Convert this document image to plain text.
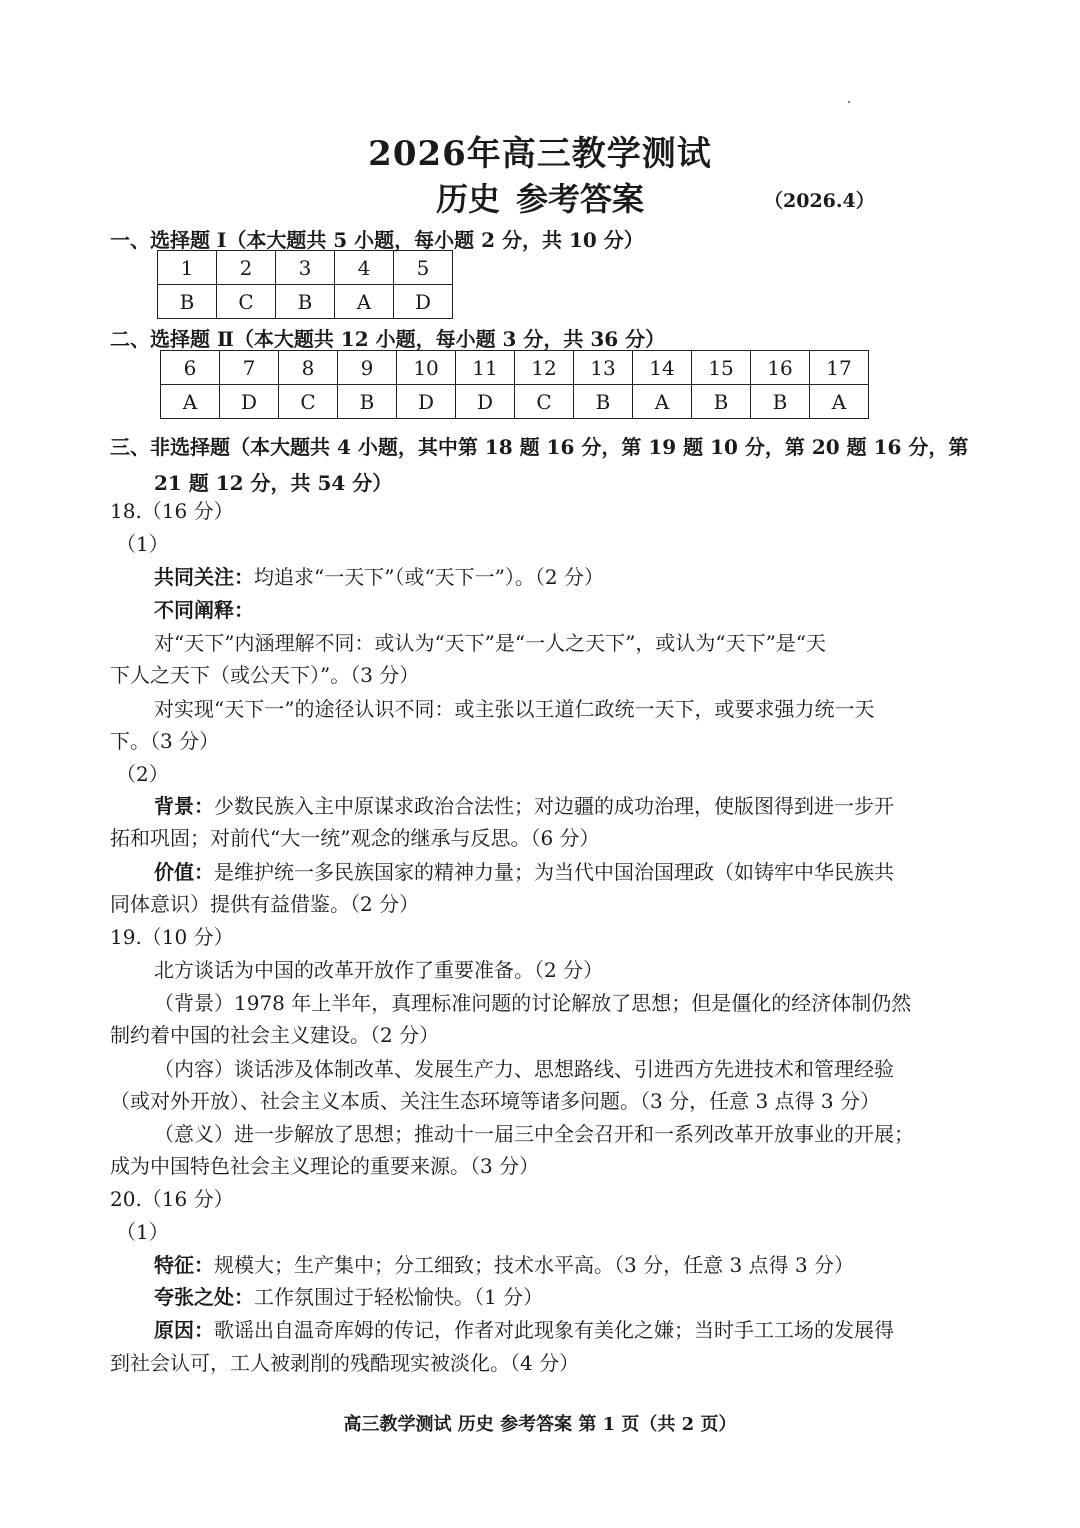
2026年高三教学测试
历史 参考答案	（2026.4）
一、选择题 Ⅰ（本大题共 5 小题，每小题 2 分，共 10 分）
1	2	3	4	5
B	C	B	A	D
二、选择题 Ⅱ（本大题共 12 小题，每小题 3 分，共 36 分）
6	7	8	9	10	11	12	13	14	15	16	17
A	D	C	B	D	D	C	B	A	B	B	A
三、非选择题（本大题共 4 小题，其中第 18 题 16 分，第 19 题 10 分，第 20 题 16 分，第
21 题 12 分，共 54 分）
18.（16 分）
（1）
共同关注：均追求“一天下”（或“天下一”）。（2 分）
不同阐释：
对“天下”内涵理解不同：或认为“天下”是“一人之天下”，或认为“天下”是“天
下人之天下（或公天下）”。（3 分）
对实现“天下一”的途径认识不同：或主张以王道仁政统一天下，或要求强力统一天
下。（3 分）
（2）
背景：少数民族入主中原谋求政治合法性；对边疆的成功治理，使版图得到进一步开
拓和巩固；对前代“大一统”观念的继承与反思。（6 分）
价值：是维护统一多民族国家的精神力量；为当代中国治国理政（如铸牢中华民族共
同体意识）提供有益借鉴。（2 分）
19.（10 分）
北方谈话为中国的改革开放作了重要准备。（2 分）
（背景）1978 年上半年，真理标准问题的讨论解放了思想；但是僵化的经济体制仍然
制约着中国的社会主义建设。（2 分）
（内容）谈话涉及体制改革、发展生产力、思想路线、引进西方先进技术和管理经验
（或对外开放）、社会主义本质、关注生态环境等诸多问题。（3 分，任意 3 点得 3 分）
（意义）进一步解放了思想；推动十一届三中全会召开和一系列改革开放事业的开展；
成为中国特色社会主义理论的重要来源。（3 分）
20.（16 分）
（1）
特征：规模大；生产集中；分工细致；技术水平高。（3 分，任意 3 点得 3 分）
夸张之处：工作氛围过于轻松愉快。（1 分）
原因：歌谣出自温奇库姆的传记，作者对此现象有美化之嫌；当时手工工场的发展得
到社会认可，工人被剥削的残酷现实被淡化。（4 分）
高三教学测试 历史 参考答案 第 1 页（共 2 页）
